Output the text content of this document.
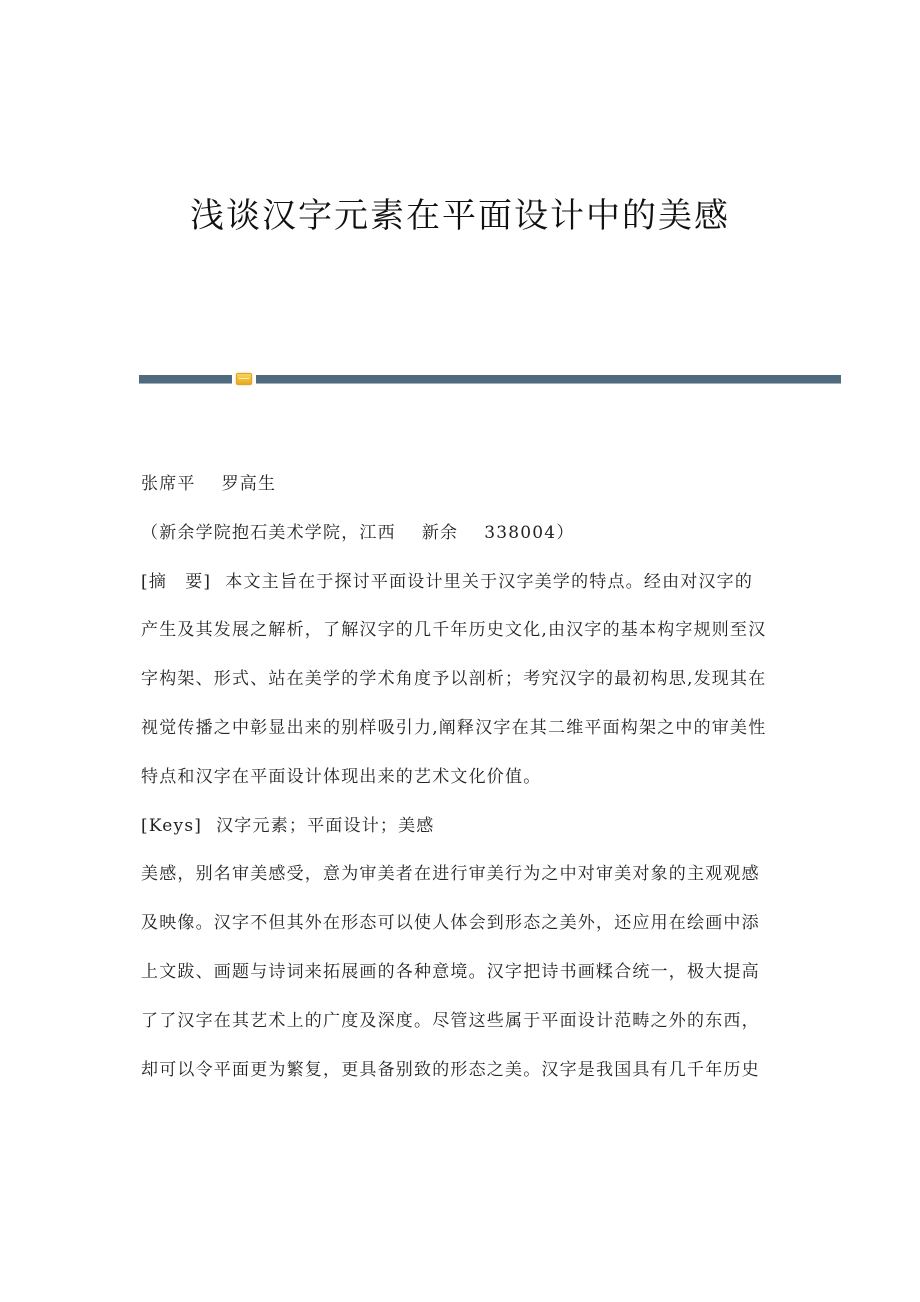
浅谈汉字元素在平面设计中的美感
张席平 罗高生
（新余学院抱石美术学院，江西 新余 338004）
[摘　要] 本文主旨在于探讨平面设计里关于汉字美学的特点。经由对汉字的
产生及其发展之解析，了解汉字的几千年历史文化,由汉字的基本构字规则至汉
字构架、形式、站在美学的学术角度予以剖析；考究汉字的最初构思,发现其在
视觉传播之中彰显出来的别样吸引力,阐释汉字在其二维平面构架之中的审美性
特点和汉字在平面设计体现出来的艺术文化价值。
[Keys] 汉字元素；平面设计；美感
美感，别名审美感受，意为审美者在进行审美行为之中对审美对象的主观观感
及映像。汉字不但其外在形态可以使人体会到形态之美外，还应用在绘画中添
上文跋、画题与诗词来拓展画的各种意境。汉字把诗书画糅合统一，极大提高
了了汉字在其艺术上的广度及深度。尽管这些属于平面设计范畴之外的东西，
却可以令平面更为繁复，更具备别致的形态之美。汉字是我国具有几千年历史
